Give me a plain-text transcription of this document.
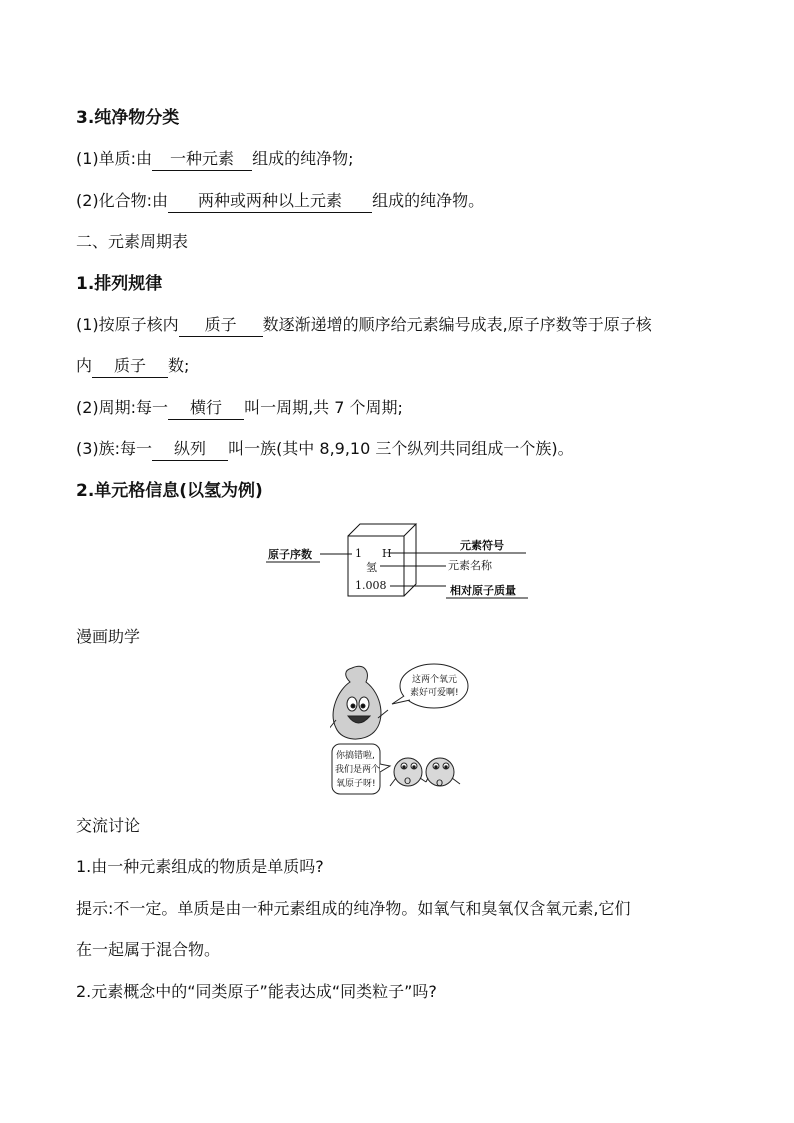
3.纯净物分类
(1)单质:由 一种元素 组成的纯净物;
(2)化合物:由 两种或两种以上元素 组成的纯净物。
二、元素周期表
1.排列规律
(1)按原子核内 质子 数逐渐递增的顺序给元素编号成表,原子序数等于原子核
内 质子 数;
(2)周期:每一 横行 叫一周期,共 7 个周期;
(3)族:每一 纵列 叫一族(其中 8,9,10 三个纵列共同组成一个族)。
2.单元格信息(以氢为例)
1 H
氢
1.008
原子序数
元素符号
元素名称
相对原子质量
漫画助学
这两个氧元
素好可爱啊!
你搞错啦,
我们是两个
氧原子呀!	O	O
交流讨论
1.由一种元素组成的物质是单质吗?
提示:不一定。单质是由一种元素组成的纯净物。如氧气和臭氧仅含氧元素,它们
在一起属于混合物。
2.元素概念中的“同类原子”能表达成“同类粒子”吗?
